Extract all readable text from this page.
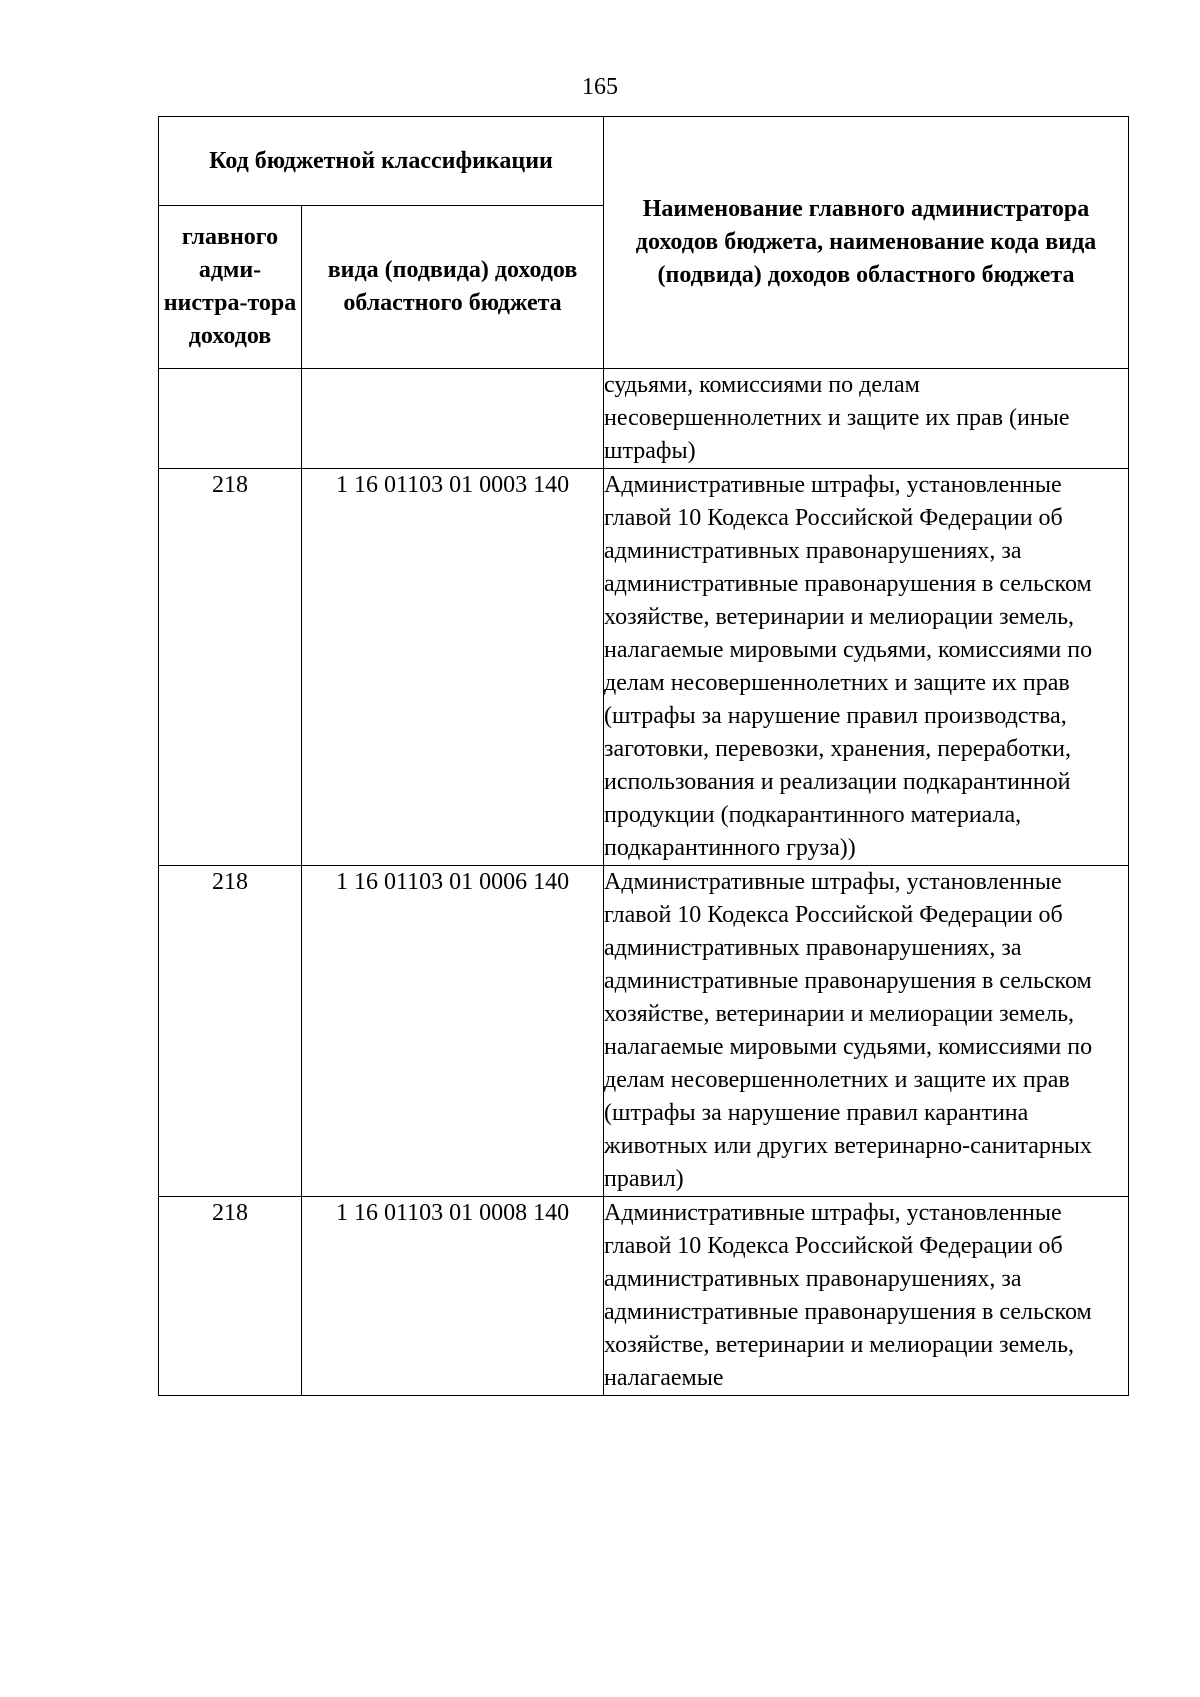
165
Код бюджетной классификации		Наименование главного администратора доходов бюджета, наименование кода вида (подвида) доходов областного бюджета
главного адми-нистра-тора доходов	вида (подвида) доходов областного бюджета	
		судьями, комиссиями по делам несовершеннолетних и защите их прав (иные штрафы)
218	1 16 01103 01 0003 140	Административные штрафы, установленные главой 10 Кодекса Российской Федерации об административных правонарушениях, за административные правонарушения в сельском хозяйстве, ветеринарии и мелиорации земель, налагаемые мировыми судьями, комиссиями по делам несовершеннолетних и защите их прав (штрафы за нарушение правил производства, заготовки, перевозки, хранения, переработки, использования и реализации подкарантинной продукции (подкарантинного материала, подкарантинного груза))
218	1 16 01103 01 0006 140	Административные штрафы, установленные главой 10 Кодекса Российской Федерации об административных правонарушениях, за административные правонарушения в сельском хозяйстве, ветеринарии и мелиорации земель, налагаемые мировыми судьями, комиссиями по делам несовершеннолетних и защите их прав (штрафы за нарушение правил карантина животных или других ветеринарно-санитарных правил)
218	1 16 01103 01 0008 140	Административные штрафы, установленные главой 10 Кодекса Российской Федерации об административных правонарушениях, за административные правонарушения в сельском хозяйстве, ветеринарии и мелиорации земель, налагаемые
